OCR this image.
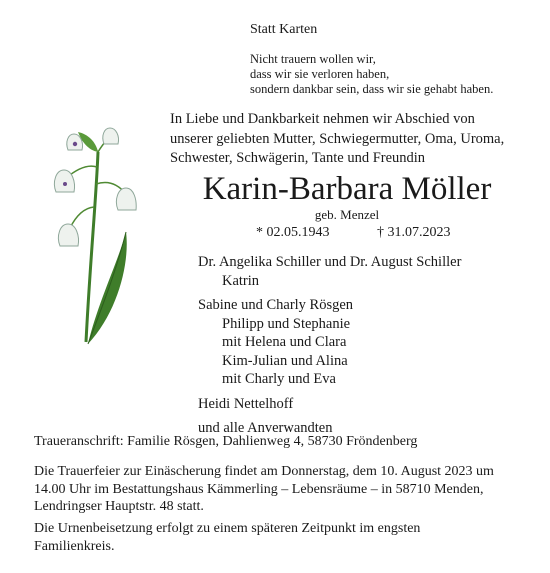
Statt Karten
Nicht trauern wollen wir,
dass wir sie verloren haben,
sondern dankbar sein, dass wir sie gehabt haben.
In Liebe und Dankbarkeit nehmen wir Abschied von
unserer geliebten Mutter, Schwiegermutter, Oma, Uroma,
Schwester, Schwägerin, Tante und Freundin
Karin-Barbara Möller
geb. Menzel
* 02.05.1943	† 31.07.2023
Dr. Angelika Schiller und Dr. August Schiller
Katrin
Sabine und Charly Rösgen
Philipp und Stephanie
mit Helena und Clara
Kim-Julian und Alina
mit Charly und Eva
Heidi Nettelhoff
und alle Anverwandten
Traueranschrift: Familie Rösgen, Dahlienweg 4, 58730 Fröndenberg
Die Trauerfeier zur Einäscherung findet am Donnerstag, dem 10. August 2023 um
14.00 Uhr im Bestattungshaus Kämmerling – Lebensräume – in 58710 Menden,
Lendringser Hauptstr. 48 statt.
Die Urnenbeisetzung erfolgt zu einem späteren Zeitpunkt im engsten
Familienkreis.
